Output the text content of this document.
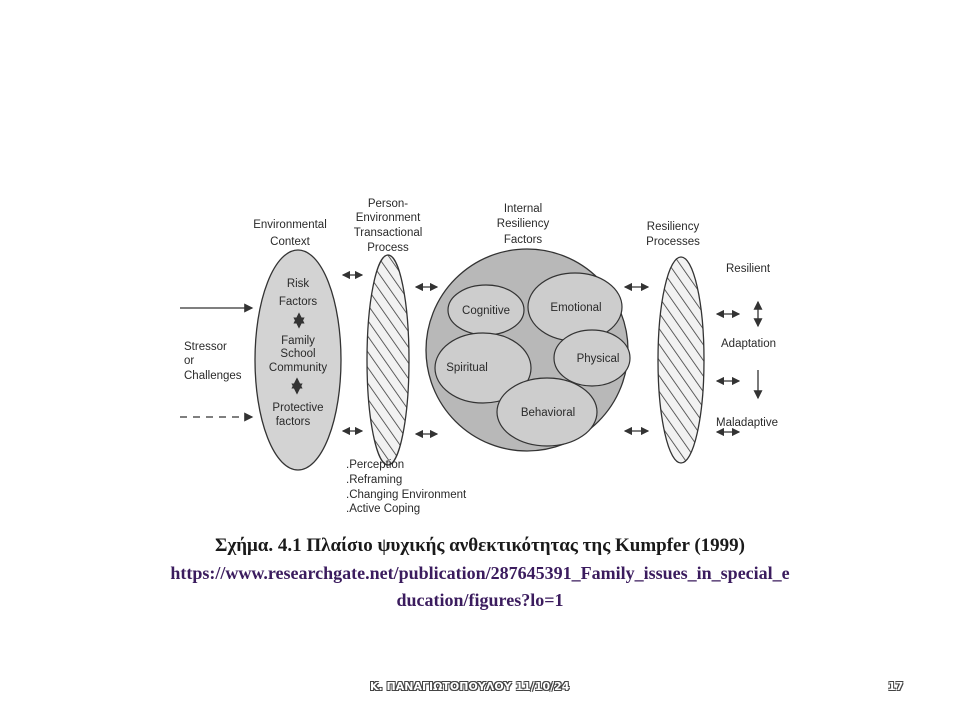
Environmental
Context
Person-
Environment
Transactional
Process
Internal
Resiliency
Factors
Resiliency
Processes
Stressor
or
Challenges
Risk
Factors
Family
School
Community
Protective
factors
.Perception
.Reframing
.Changing Environment
.Active Coping
Cognitive	Emotional
Spiritual
Physical
Behavioral
Resilient
Adaptation
Maladaptive
Σχήμα. 4.1 Πλαίσιο ψυχικής ανθεκτικότητας της Kumpfer (1999)
https://www.researchgate.net/publication/287645391_Family_issues_in_special_e
ducation/figures?lo=1
Κ. ΠΑΝΑΓΙΩΤΟΠΟΥΛΟΥ 11/10/24	17
